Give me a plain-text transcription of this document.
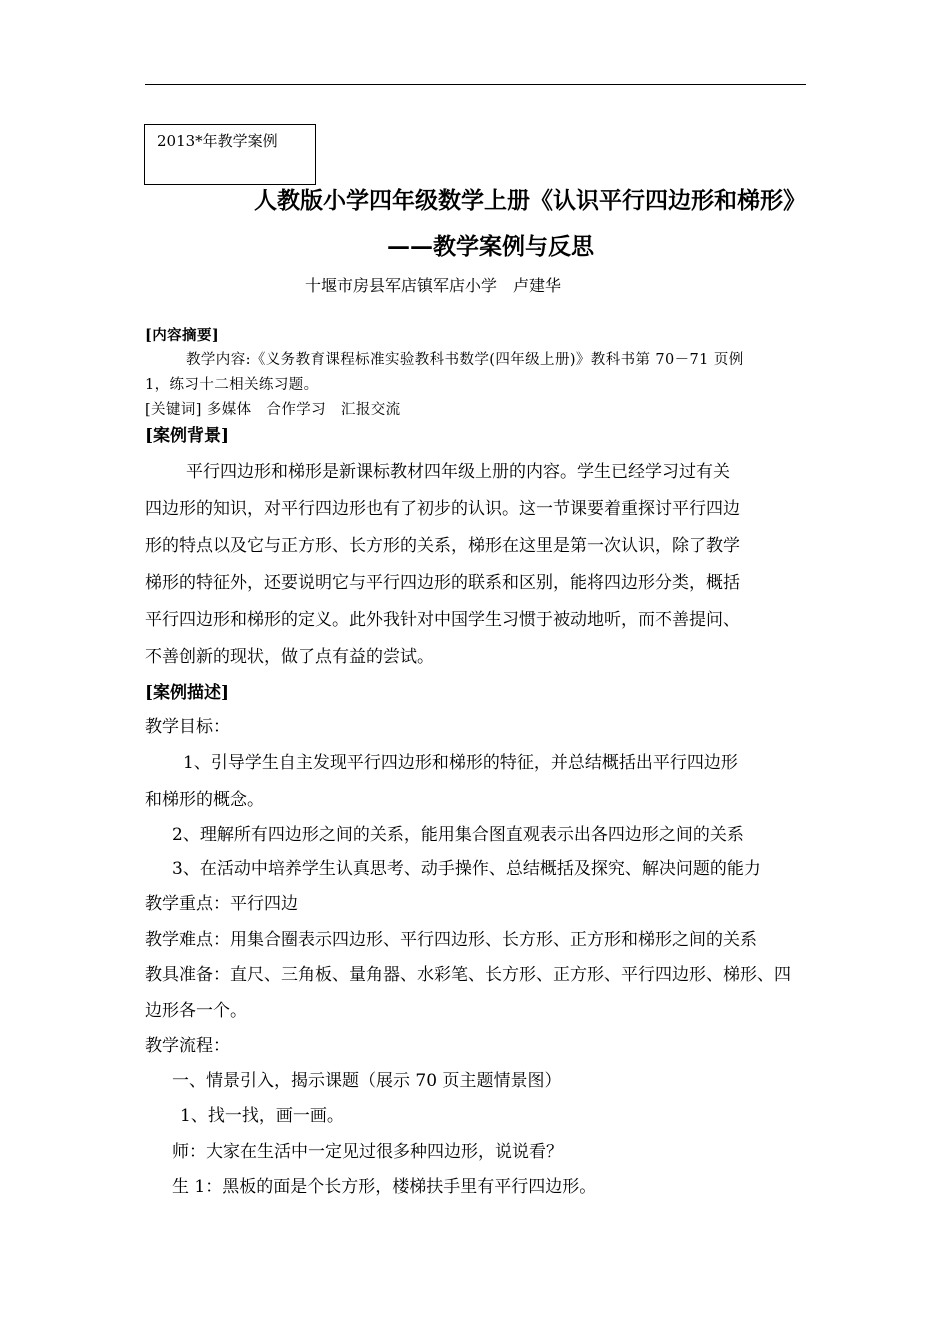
2013*年教学案例
人教版小学四年级数学上册《认识平行四边形和梯形》
——教学案例与反思
十堰市房县军店镇军店小学　卢建华
[内容摘要]
教学内容:《义务教育课程标准实验教科书数学(四年级上册)》教科书第 70－71 页例
1，练习十二相关练习题。
[关键词] 多媒体　合作学习　汇报交流
[案例背景]
平行四边形和梯形是新课标教材四年级上册的内容。学生已经学习过有关
四边形的知识，对平行四边形也有了初步的认识。这一节课要着重探讨平行四边
形的特点以及它与正方形、长方形的关系，梯形在这里是第一次认识，除了教学
梯形的特征外，还要说明它与平行四边形的联系和区别，能将四边形分类，概括
平行四边形和梯形的定义。此外我针对中国学生习惯于被动地听，而不善提问、
不善创新的现状，做了点有益的尝试。
[案例描述]
教学目标：
1、引导学生自主发现平行四边形和梯形的特征，并总结概括出平行四边形
和梯形的概念。
2、理解所有四边形之间的关系，能用集合图直观表示出各四边形之间的关系
3、在活动中培养学生认真思考、动手操作、总结概括及探究、解决问题的能力
教学重点：平行四边
教学难点：用集合圈表示四边形、平行四边形、长方形、正方形和梯形之间的关系
教具准备：直尺、三角板、量角器、水彩笔、长方形、正方形、平行四边形、梯形、四
边形各一个。
教学流程：
一、情景引入，揭示课题（展示 70 页主题情景图）
1、找一找，画一画。
师：大家在生活中一定见过很多种四边形，说说看？
生 1：黑板的面是个长方形，楼梯扶手里有平行四边形。
